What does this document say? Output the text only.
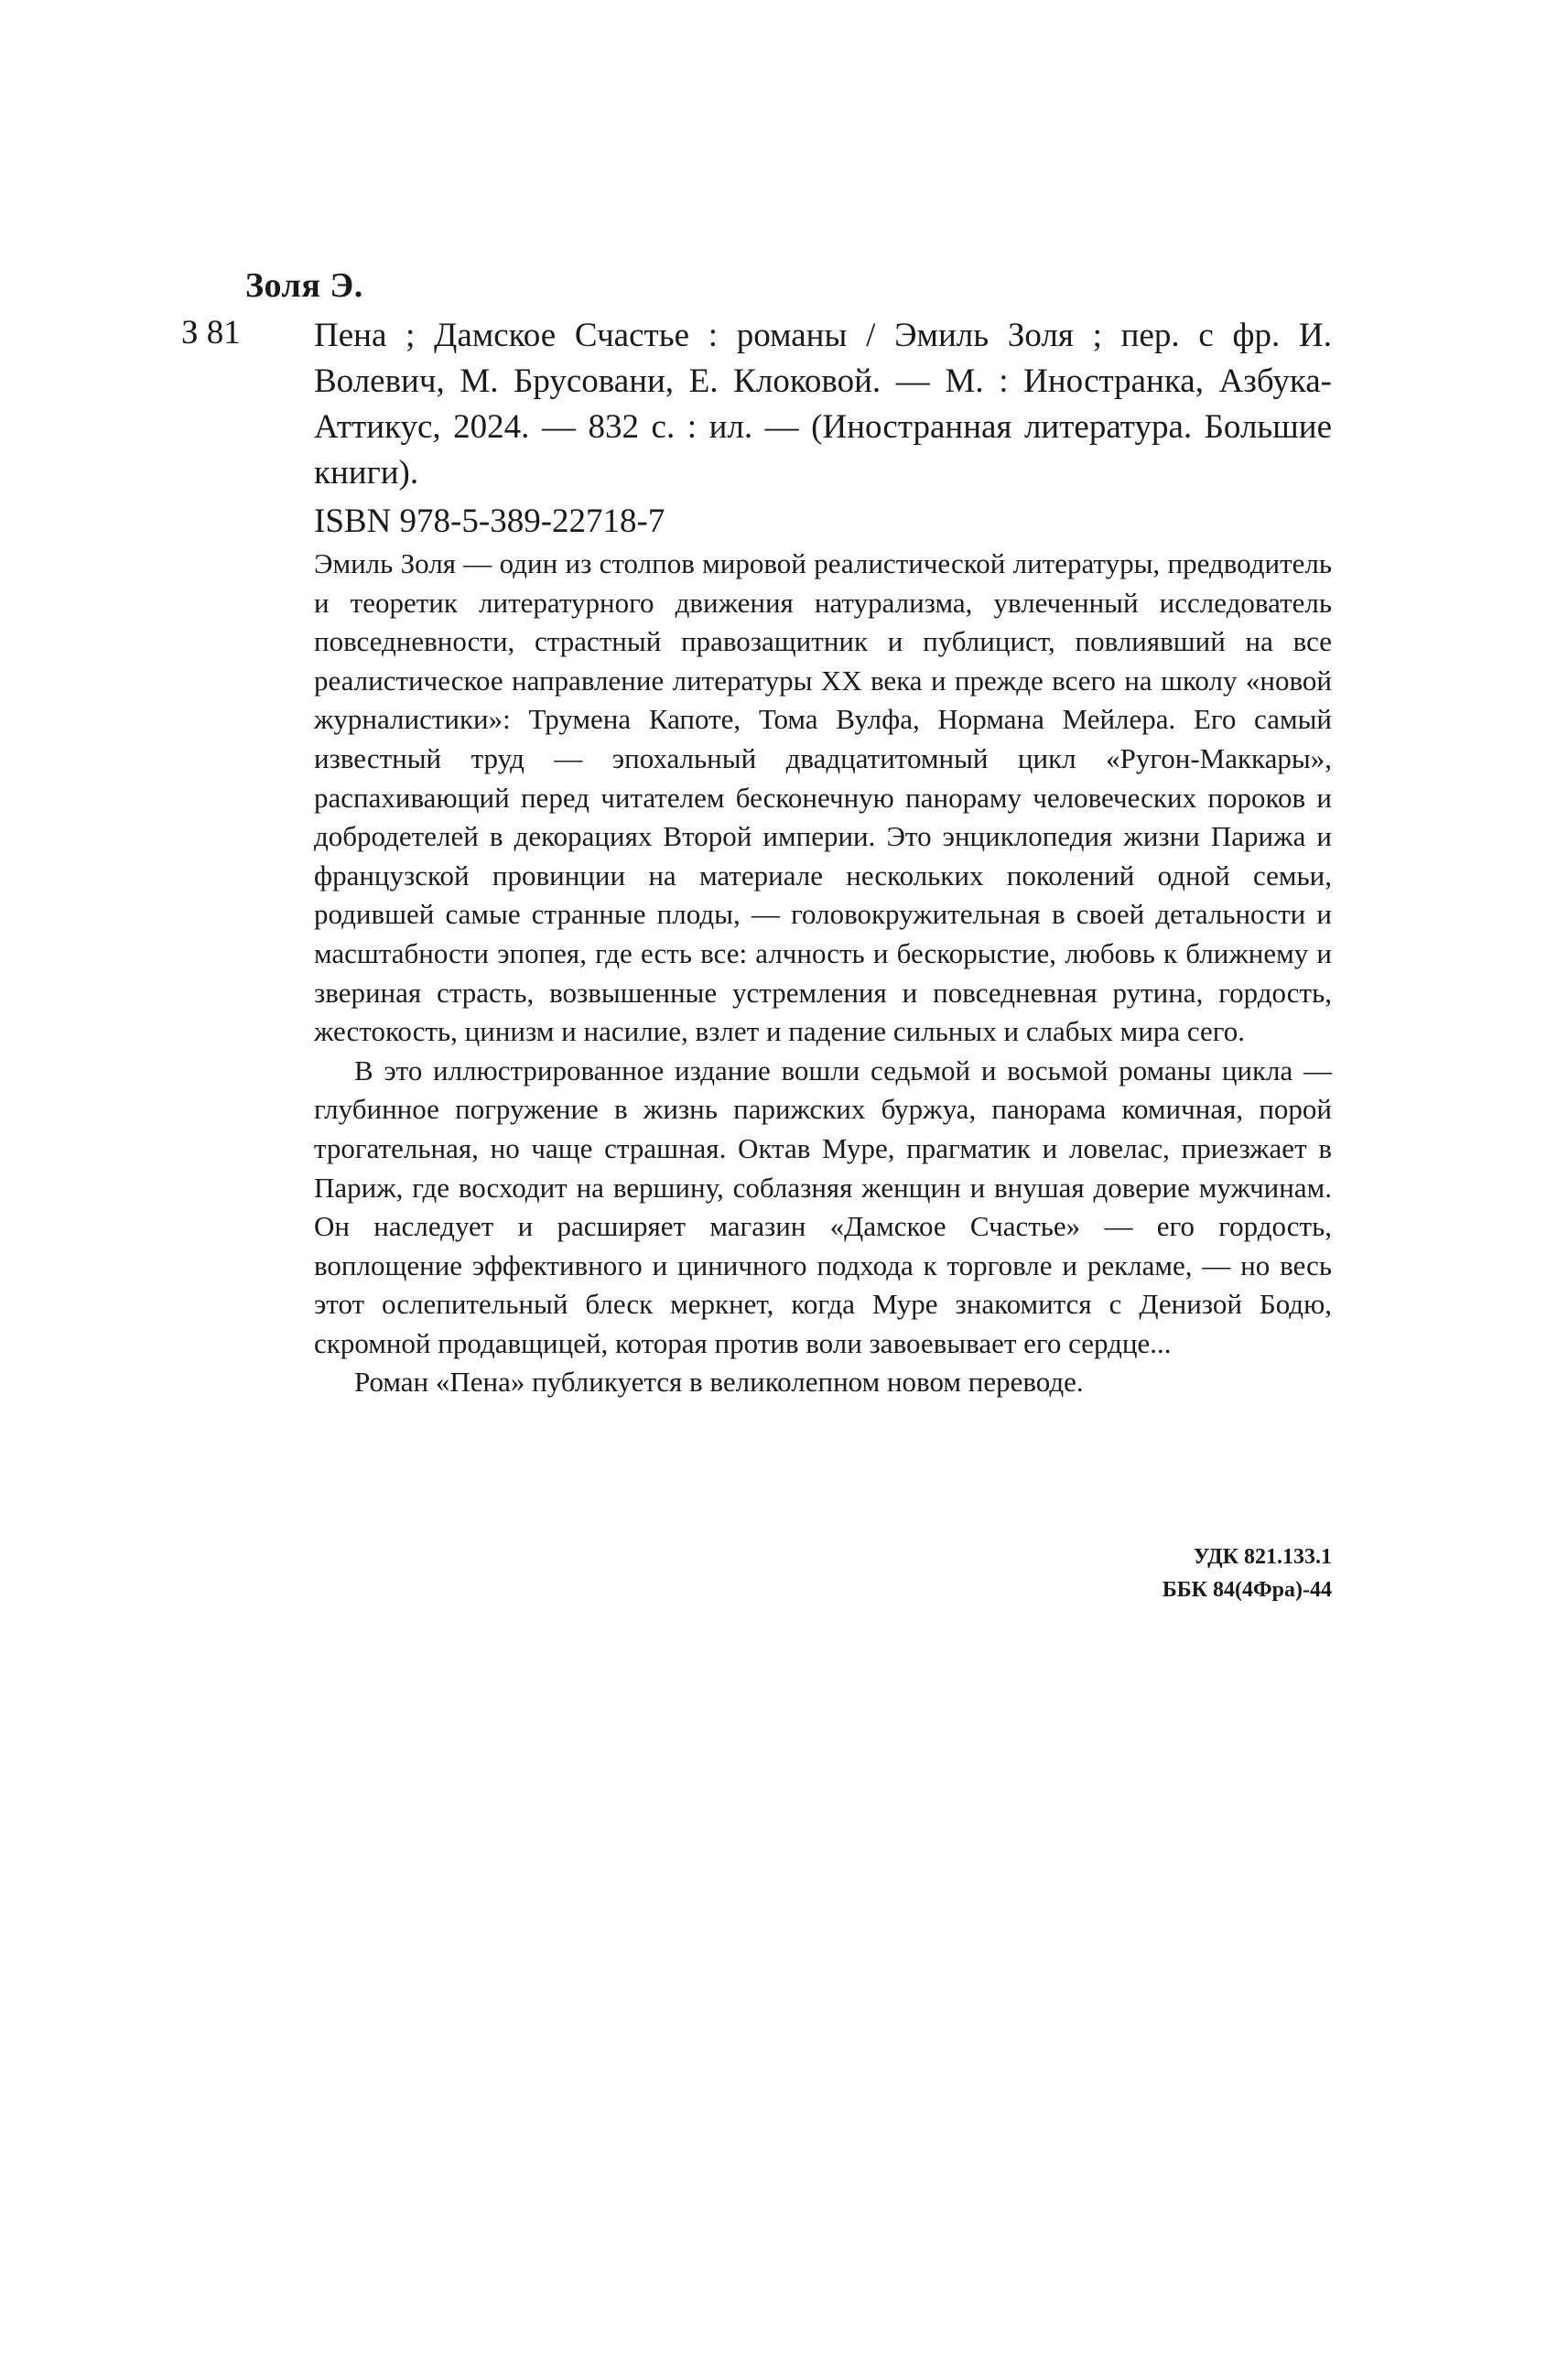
Золя Э.
З 81 Пена ; Дамское Счастье : романы / Эмиль Золя ; пер. с фр. И. Волевич, М. Брусовани, Е. Клоковой. — М. : Иностранка, Азбука-Аттикус, 2024. — 832 с. : ил. — (Иностранная литература. Большие книги).
ISBN 978-5-389-22718-7

Эмиль Золя — один из столпов мировой реалистической литературы, предводитель и теоретик литературного движения натурализма, увлеченный исследователь повседневности, страстный правозащитник и публицист, повлиявший на все реалистическое направление литературы XX века и прежде всего на школу «новой журналистики»: Трумена Капоте, Тома Вулфа, Нормана Мейлера. Его самый известный труд — эпохальный двадцатитомный цикл «Ругон-Маккары», распахивающий перед читателем бесконечную панораму человеческих пороков и добродетелей в декорациях Второй империи. Это энциклопедия жизни Парижа и французской провинции на материале нескольких поколений одной семьи, родившей самые странные плоды, — головокружительная в своей детальности и масштабности эпопея, где есть все: алчность и бескорыстие, любовь к ближнему и звериная страсть, возвышенные устремления и повседневная рутина, гордость, жестокость, цинизм и насилие, взлет и падение сильных и слабых мира сего.

В это иллюстрированное издание вошли седьмой и восьмой романы цикла — глубинное погружение в жизнь парижских буржуа, панорама комичная, порой трогательная, но чаще страшная. Октав Муре, прагматик и ловелас, приезжает в Париж, где восходит на вершину, соблазняя женщин и внушая доверие мужчинам. Он наследует и расширяет магазин «Дамское Счастье» — его гордость, воплощение эффективного и циничного подхода к торговле и рекламе, — но весь этот ослепительный блеск меркнет, когда Муре знакомится с Денизой Бодю, скромной продавщицей, которая против воли завоевывает его сердце...

Роман «Пена» публикуется в великолепном новом переводе.

УДК 821.133.1
ББК 84(4Фра)-44
